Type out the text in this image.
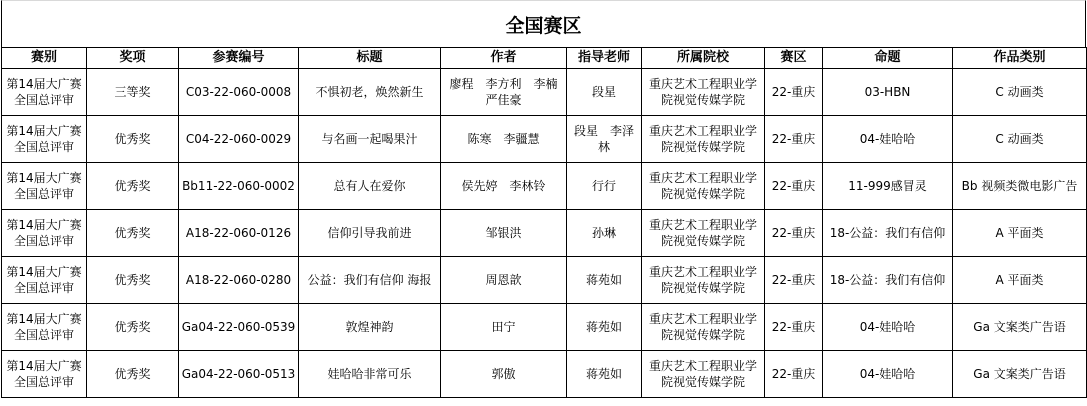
全国赛区
赛别	奖项	参赛编号	标题	作者	指导老师	所属院校	赛区	命题	作品类别
第14届大广赛全国总评审	三等奖	C03-22-060-0008	不惧初老，焕然新生	廖程　李方利　李楠　严佳豪	段星	重庆艺术工程职业学院视觉传媒学院	22-重庆	03-HBN	C 动画类
第14届大广赛全国总评审	优秀奖	C04-22-060-0029	与名画一起喝果汁	陈寒　李疆慧	段星　李泽林	重庆艺术工程职业学院视觉传媒学院	22-重庆	04-娃哈哈	C 动画类
第14届大广赛全国总评审	优秀奖	Bb11-22-060-0002	总有人在爱你	侯先婷　李林铃	行行	重庆艺术工程职业学院视觉传媒学院	22-重庆	11-999感冒灵	Bb 视频类微电影广告
第14届大广赛全国总评审	优秀奖	A18-22-060-0126	信仰引导我前进	邹银洪	孙琳	重庆艺术工程职业学院视觉传媒学院	22-重庆	18-公益：我们有信仰	A 平面类
第14届大广赛全国总评审	优秀奖	A18-22-060-0280	公益：我们有信仰 海报	周恩歆	蒋苑如	重庆艺术工程职业学院视觉传媒学院	22-重庆	18-公益：我们有信仰	A 平面类
第14届大广赛全国总评审	优秀奖	Ga04-22-060-0539	敦煌神韵	田宁	蒋苑如	重庆艺术工程职业学院视觉传媒学院	22-重庆	04-娃哈哈	Ga 文案类广告语
第14届大广赛全国总评审	优秀奖	Ga04-22-060-0513	娃哈哈非常可乐	郭傲	蒋苑如	重庆艺术工程职业学院视觉传媒学院	22-重庆	04-娃哈哈	Ga 文案类广告语
